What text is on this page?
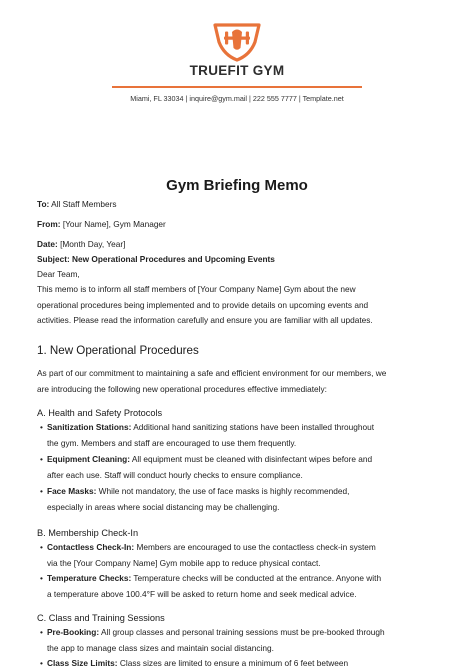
TRUEFIT GYM
Miami, FL 33034 | inquire@gym.mail | 222 555 7777 | Template.net
Gym Briefing Memo
To: All Staff Members
From: [Your Name], Gym Manager
Date: [Month Day, Year]
Subject: New Operational Procedures and Upcoming Events
Dear Team,
This memo is to inform all staff members of [Your Company Name] Gym about the new
operational procedures being implemented and to provide details on upcoming events and
activities. Please read the information carefully and ensure you are familiar with all updates.
1. New Operational Procedures
As part of our commitment to maintaining a safe and efficient environment for our members, we
are introducing the following new operational procedures effective immediately:
A. Health and Safety Protocols
• Sanitization Stations: Additional hand sanitizing stations have been installed throughout
the gym. Members and staff are encouraged to use them frequently.
• Equipment Cleaning: All equipment must be cleaned with disinfectant wipes before and
after each use. Staff will conduct hourly checks to ensure compliance.
• Face Masks: While not mandatory, the use of face masks is highly recommended,
especially in areas where social distancing may be challenging.
B. Membership Check-In
• Contactless Check-In: Members are encouraged to use the contactless check-in system
via the [Your Company Name] Gym mobile app to reduce physical contact.
• Temperature Checks: Temperature checks will be conducted at the entrance. Anyone with
a temperature above 100.4°F will be asked to return home and seek medical advice.
C. Class and Training Sessions
• Pre-Booking: All group classes and personal training sessions must be pre-booked through
the app to manage class sizes and maintain social distancing.
• Class Size Limits: Class sizes are limited to ensure a minimum of 6 feet between
